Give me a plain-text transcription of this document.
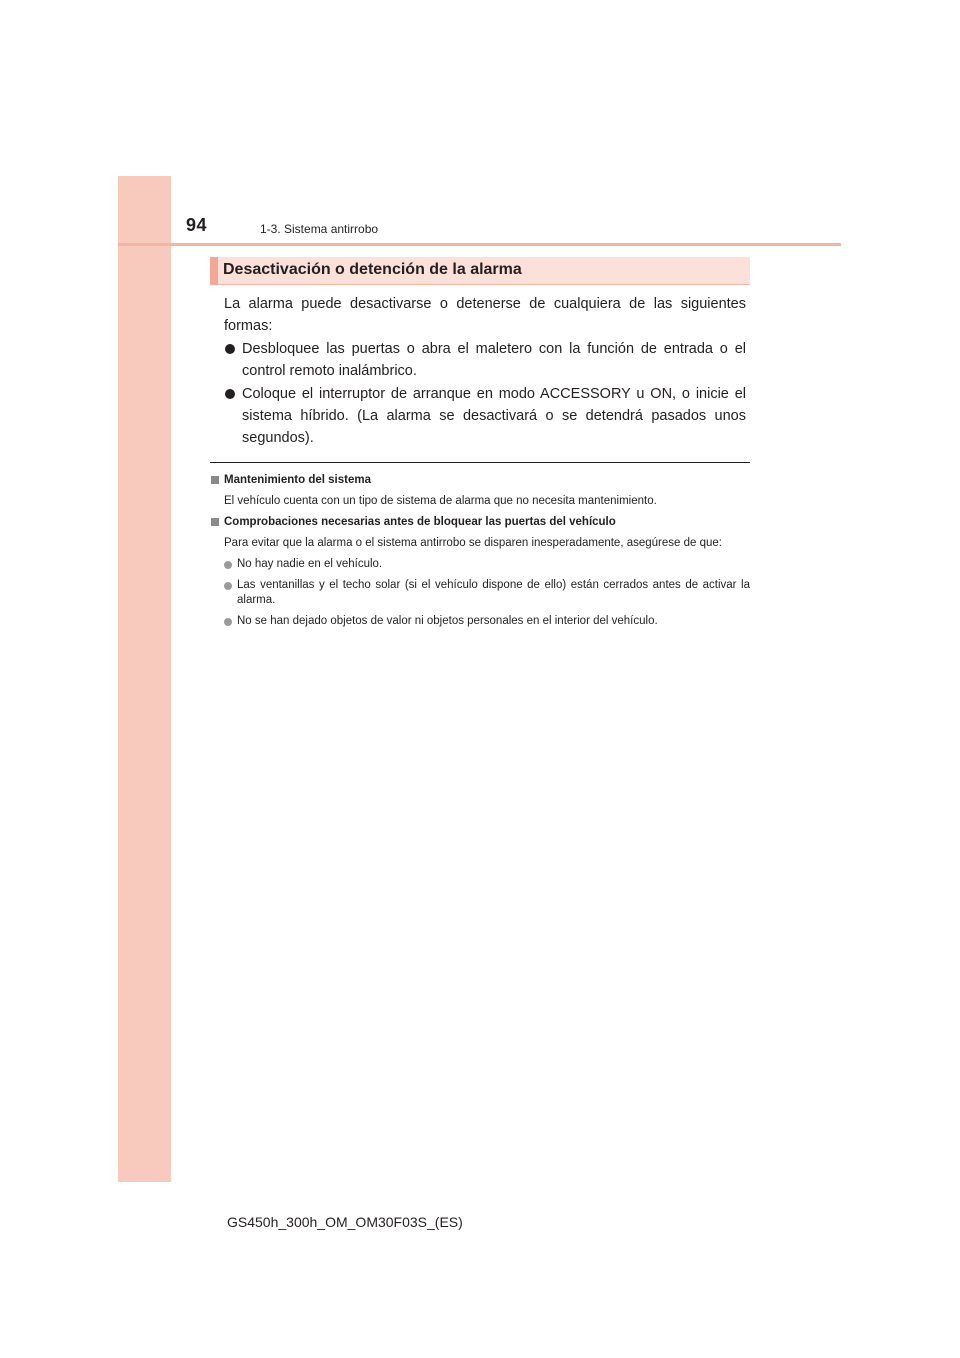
94	1-3. Sistema antirrobo
Desactivación o detención de la alarma
La alarma puede desactivarse o detenerse de cualquiera de las siguientes formas:
Desbloquee las puertas o abra el maletero con la función de entrada o el control remoto inalámbrico.
Coloque el interruptor de arranque en modo ACCESSORY u ON, o inicie el sistema híbrido. (La alarma se desactivará o se detendrá pasados unos segundos).
Mantenimiento del sistema
El vehículo cuenta con un tipo de sistema de alarma que no necesita mantenimiento.
Comprobaciones necesarias antes de bloquear las puertas del vehículo
Para evitar que la alarma o el sistema antirrobo se disparen inesperadamente, asegúrese de que:
No hay nadie en el vehículo.
Las ventanillas y el techo solar (si el vehículo dispone de ello) están cerrados antes de activar la alarma.
No se han dejado objetos de valor ni objetos personales en el interior del vehículo.
GS450h_300h_OM_OM30F03S_(ES)
